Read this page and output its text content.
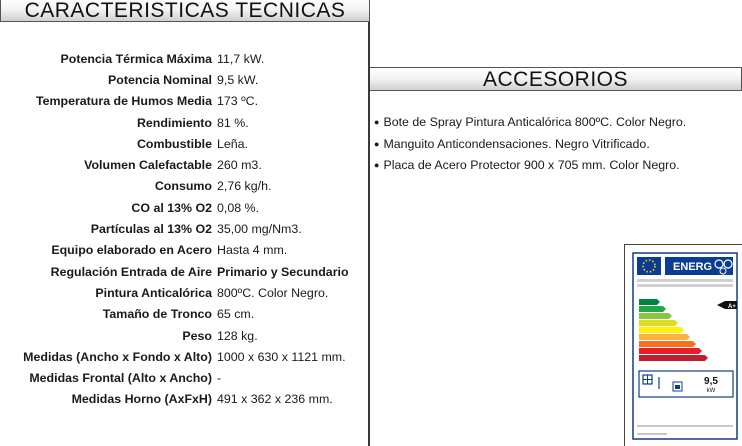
CARACTERISTICAS TECNICAS
Potencia Térmica Máxima 11,7 kW.
Potencia Nominal 9,5 kW.
Temperatura de Humos Media 173 ºC.
Rendimiento 81 %.
Combustible Leña.
Volumen Calefactable 260 m3.
Consumo 2,76 kg/h.
CO al 13% O2 0,08 %.
Partículas al 13% O2 35,00 mg/Nm3.
Equipo elaborado en Acero Hasta 4 mm.
Regulación Entrada de Aire Primario y Secundario
Pintura Anticalórica 800ºC. Color Negro.
Tamaño de Tronco 65 cm.
Peso 128 kg.
Medidas (Ancho x Fondo x Alto) 1000 x 630 x 1121 mm.
Medidas Frontal (Alto x Ancho) -
Medidas Horno (AxFxH) 491 x 362 x 236 mm.
ACCESORIOS
● Bote de Spray Pintura Anticalórica 800ºC. Color Negro.
● Manguito Anticondensaciones. Negro Vitrificado.
● Placa de Acero Protector 900 x 705 mm. Color Negro.
ENERG
A+
9,5
kW
